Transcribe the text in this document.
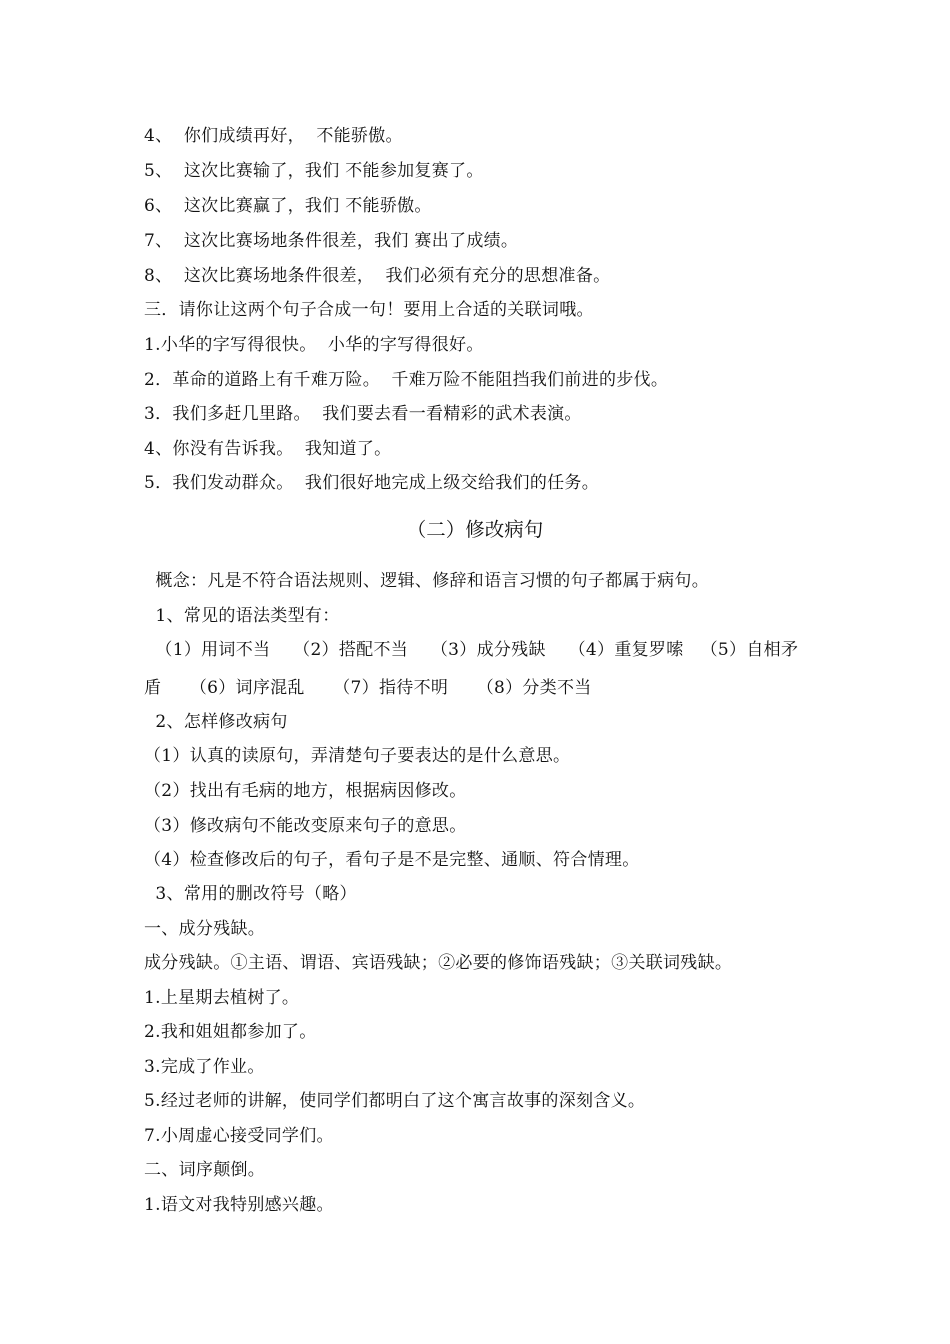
4、  你们成绩再好，  不能骄傲。
5、  这次比赛输了，我们 不能参加复赛了。
6、  这次比赛赢了，我们 不能骄傲。
7、  这次比赛场地条件很差，我们 赛出了成绩。
8、  这次比赛场地条件很差，  我们必须有充分的思想准备。
三．请你让这两个句子合成一句！要用上合适的关联词哦。
1.小华的字写得很快。  小华的字写得很好。
2．革命的道路上有千难万险。  千难万险不能阻挡我们前进的步伐。
3．我们多赶几里路。  我们要去看一看精彩的武术表演。
4、你没有告诉我。  我知道了。
5．我们发动群众。  我们很好地完成上级交给我们的任务。
（二）修改病句
概念：凡是不符合语法规则、逻辑、修辞和语言习惯的句子都属于病句。
1、常见的语法类型有：
（1）用词不当    （2）搭配不当    （3）成分残缺    （4）重复罗嗦   （5）自相矛
盾     （6）词序混乱     （7）指待不明     （8）分类不当
2、怎样修改病句
（1）认真的读原句，弄清楚句子要表达的是什么意思。
（2）找出有毛病的地方，根据病因修改。
（3）修改病句不能改变原来句子的意思。
（4）检查修改后的句子，看句子是不是完整、通顺、符合情理。
3、常用的删改符号（略）
一、成分残缺。
成分残缺。①主语、谓语、宾语残缺；②必要的修饰语残缺；③关联词残缺。
1.上星期去植树了。
2.我和姐姐都参加了。
3.完成了作业。
5.经过老师的讲解，使同学们都明白了这个寓言故事的深刻含义。
7.小周虚心接受同学们。
二、词序颠倒。
1.语文对我特别感兴趣。
